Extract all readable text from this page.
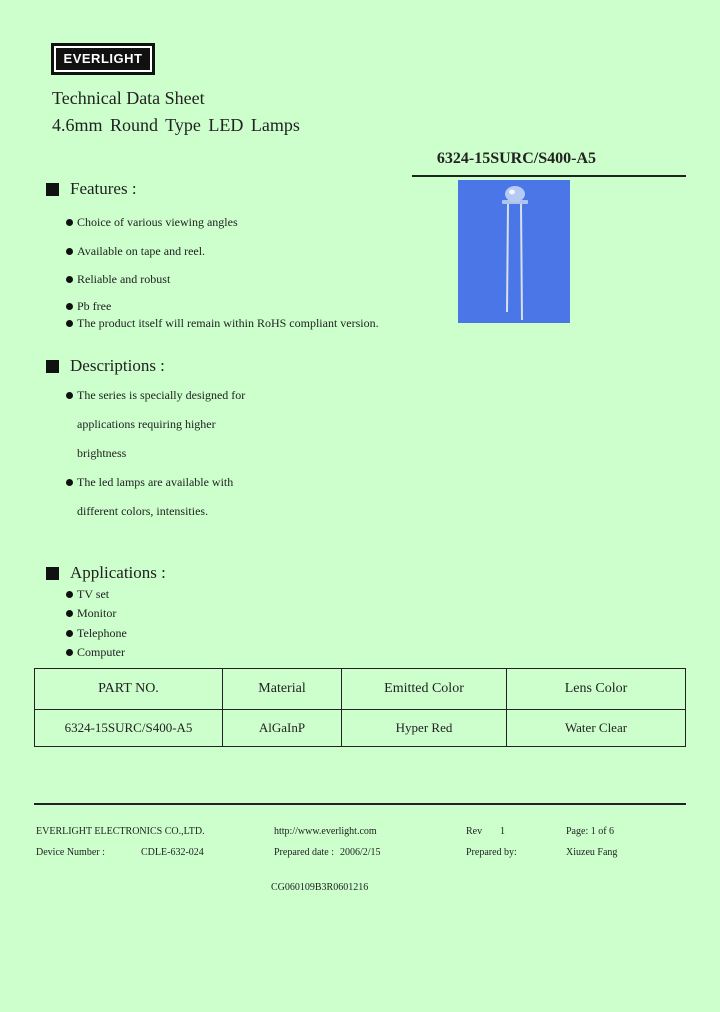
EVERLIGHT
Technical Data Sheet
4.6mm Round Type LED Lamps
6324-15SURC/S400-A5
Features :
Choice of various viewing angles
Available on tape and reel.
Reliable and robust
Pb free
The product itself will remain within RoHS compliant version.
Descriptions :
The series is specially designed for
applications requiring higher
brightness
The led lamps are available with
different colors, intensities.
Applications :
TV set
Monitor
Telephone
Computer
PART NO.	Material	Emitted Color	Lens Color
6324-15SURC/S400-A5	AlGaInP	Hyper Red	Water Clear
EVERLIGHT ELECTRONICS CO.,LTD.	http://www.everlight.com	Rev 1	Page: 1 of 6
Device Number :	CDLE-632-024	Prepared date : 2006/2/15	Prepared by:	Xiuzeu Fang
CG060109B3R0601216
